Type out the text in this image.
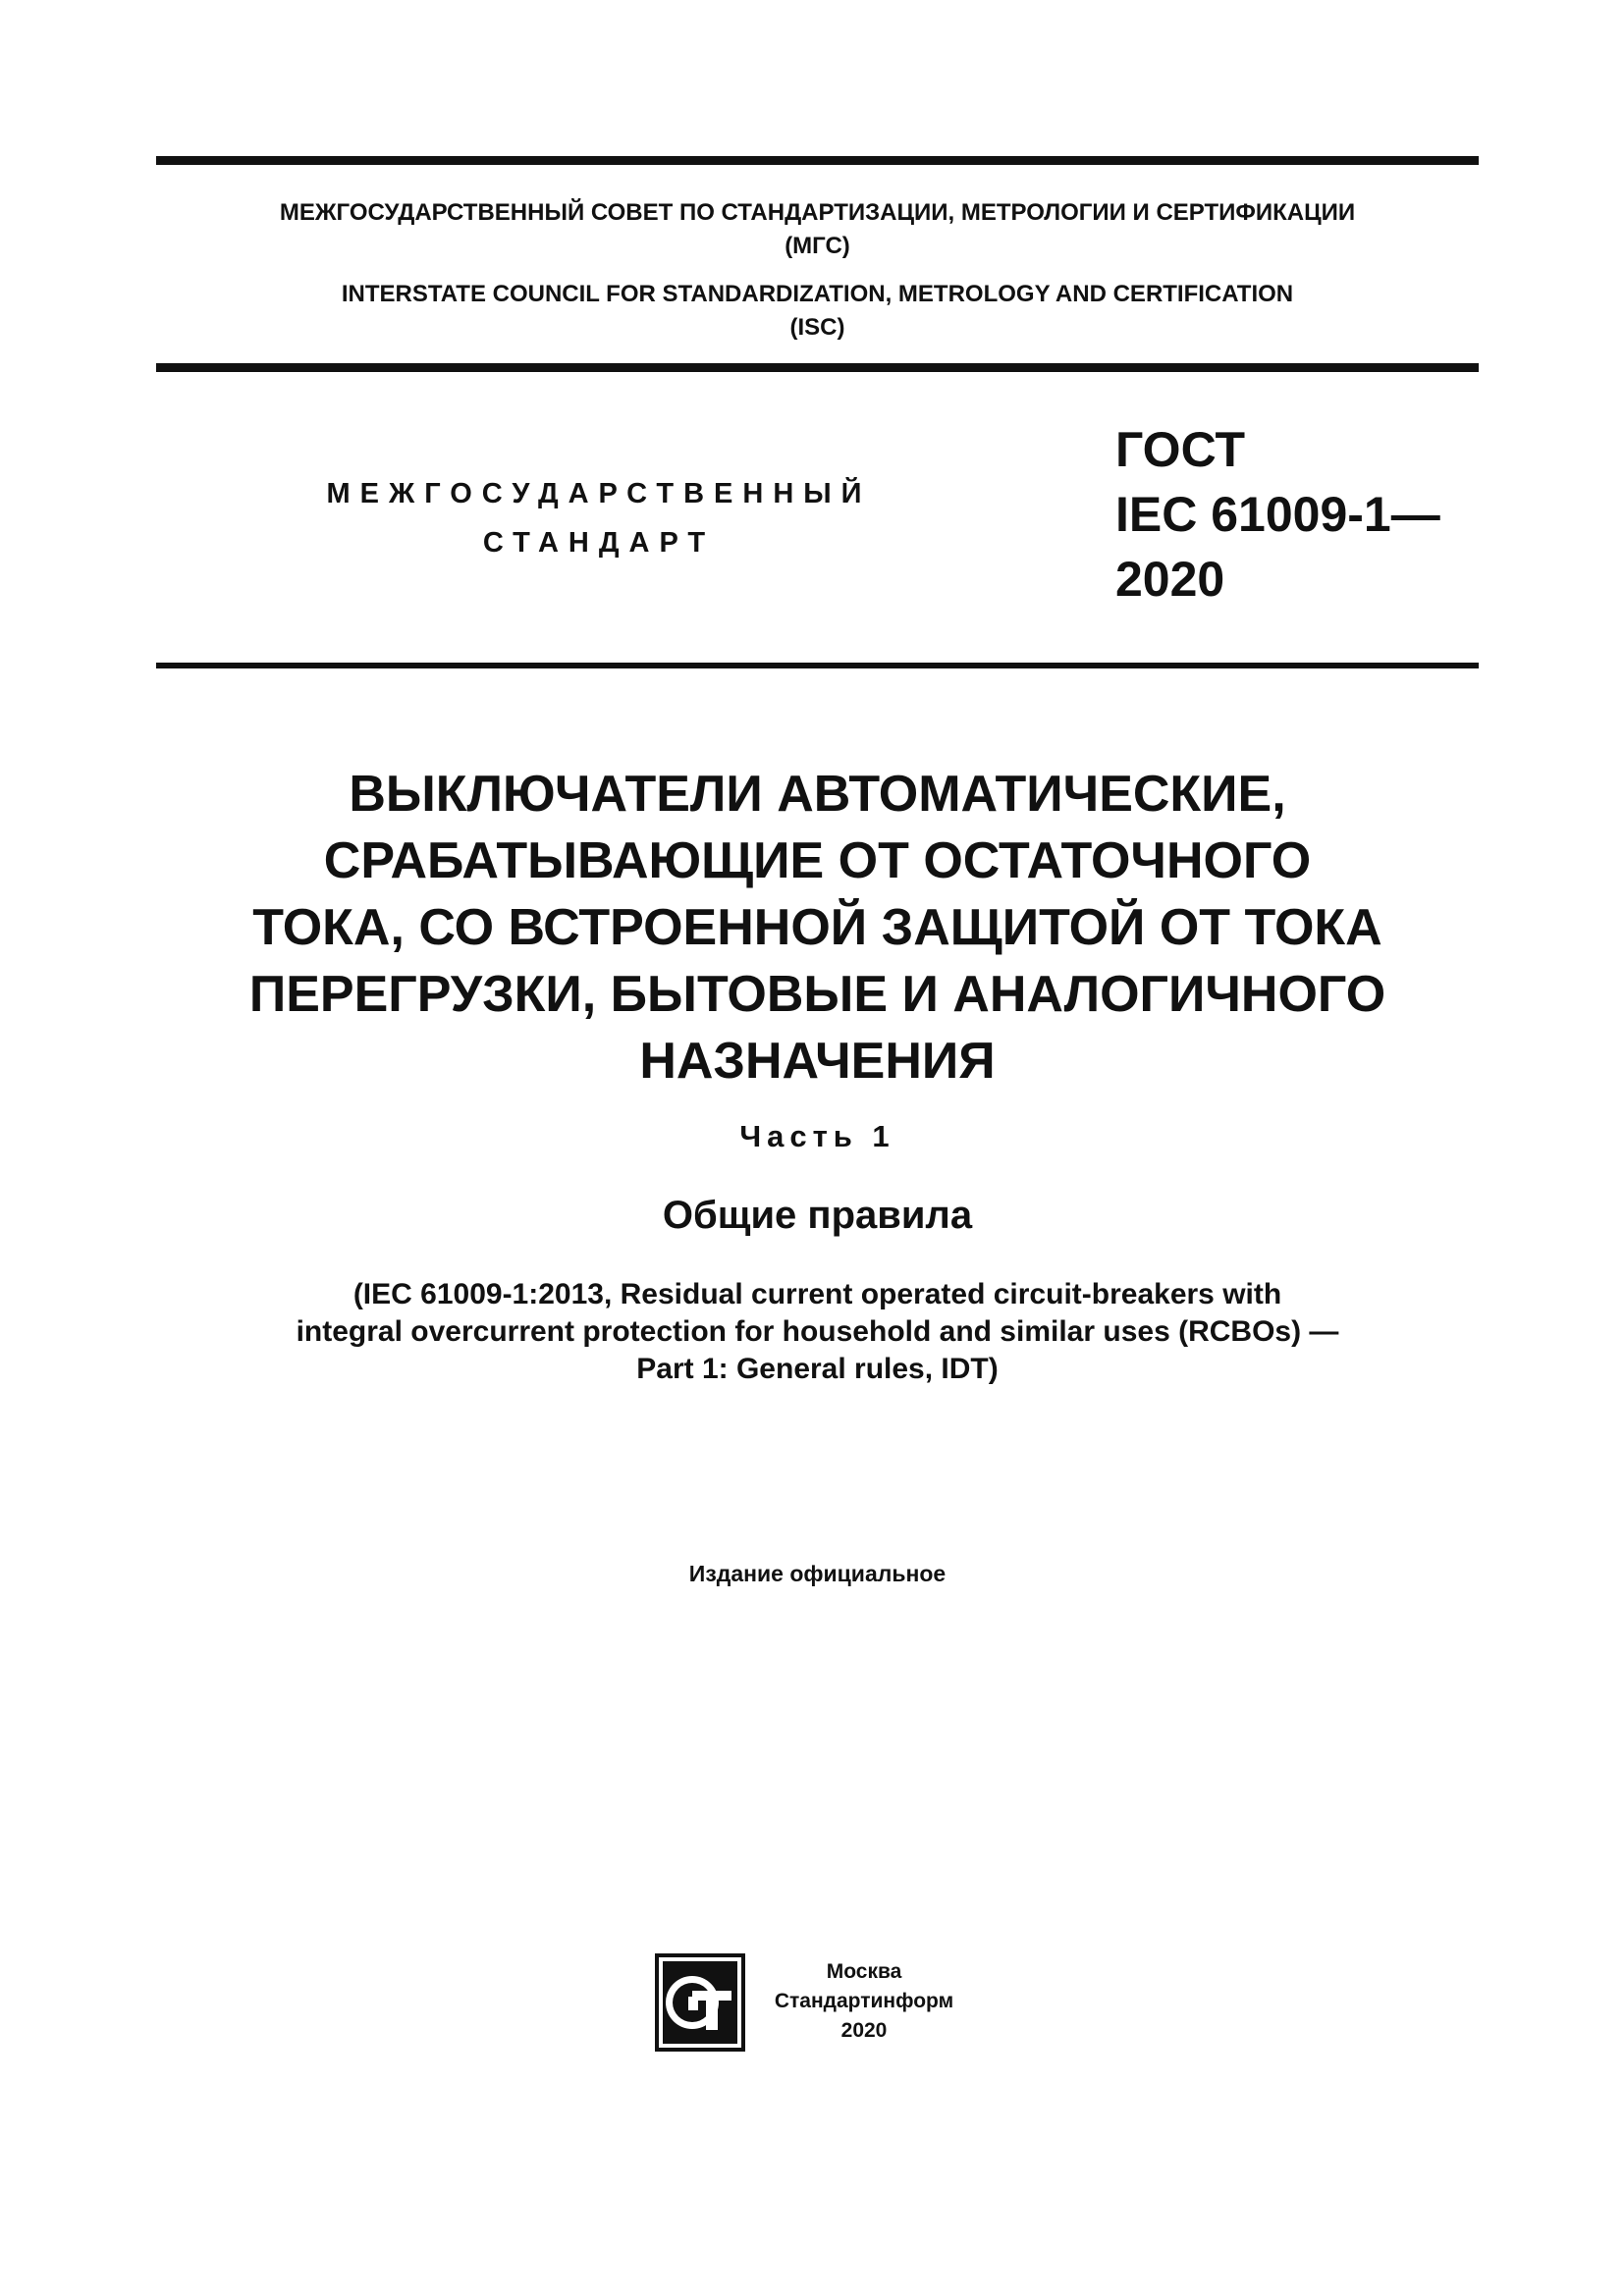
МЕЖГОСУДАРСТВЕННЫЙ СОВЕТ ПО СТАНДАРТИЗАЦИИ, МЕТРОЛОГИИ И СЕРТИФИКАЦИИ
(МГС)
INTERSTATE COUNCIL FOR STANDARDIZATION, METROLOGY AND CERTIFICATION
(ISC)
МЕЖГОСУДАРСТВЕННЫЙ
СТАНДАРТ
ГОСТ
IEC 61009-1—
2020
ВЫКЛЮЧАТЕЛИ АВТОМАТИЧЕСКИЕ,
СРАБАТЫВАЮЩИЕ ОТ ОСТАТОЧНОГО
ТОКА, СО ВСТРОЕННОЙ ЗАЩИТОЙ ОТ ТОКА
ПЕРЕГРУЗКИ, БЫТОВЫЕ И АНАЛОГИЧНОГО
НАЗНАЧЕНИЯ
Часть 1
Общие правила
(IEC 61009-1:2013, Residual current operated circuit-breakers with
integral overcurrent protection for household and similar uses (RCBOs) —
Part 1: General rules, IDT)
Издание официальное
Москва
Стандартинформ
2020
